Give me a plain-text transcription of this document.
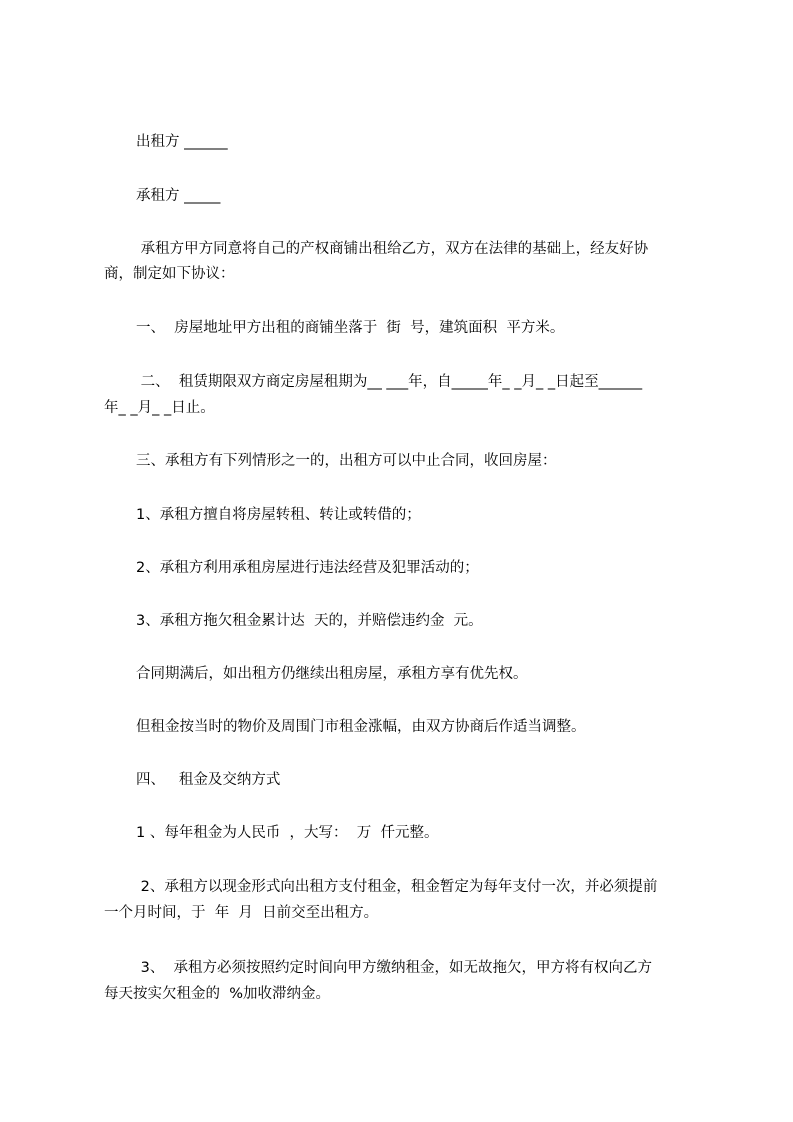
出租方 ______

承租方 _____

承租方甲方同意将自己的产权商铺出租给乙方，双方在法律的基础上，经友好协

商，制定如下协议：

一、  房屋地址甲方出租的商铺坐落于  街  号，建筑面积  平方米。

二、  租赁期限双方商定房屋租期为__ ___年，自_____年_ _月_ _日起至______

年_ _月_ _日止。

三、承租方有下列情形之一的，出租方可以中止合同，收回房屋：

1、承租方擅自将房屋转租、转让或转借的；

2、承租方利用承租房屋进行违法经营及犯罪活动的；

3、承租方拖欠租金累计达  天的，并赔偿违约金  元。

合同期满后，如出租方仍继续出租房屋，承租方享有优先权。

但租金按当时的物价及周围门市租金涨幅，由双方协商后作适当调整。

四、   租金及交纳方式

1 、每年租金为人民币  ，大写：  万  仟元整。

2、承租方以现金形式向出租方支付租金，租金暂定为每年支付一次，并必须提前

一个月时间，于  年  月  日前交至出租方。

3、  承租方必须按照约定时间向甲方缴纳租金，如无故拖欠，甲方将有权向乙方

每天按实欠租金的  %加收滞纳金。
